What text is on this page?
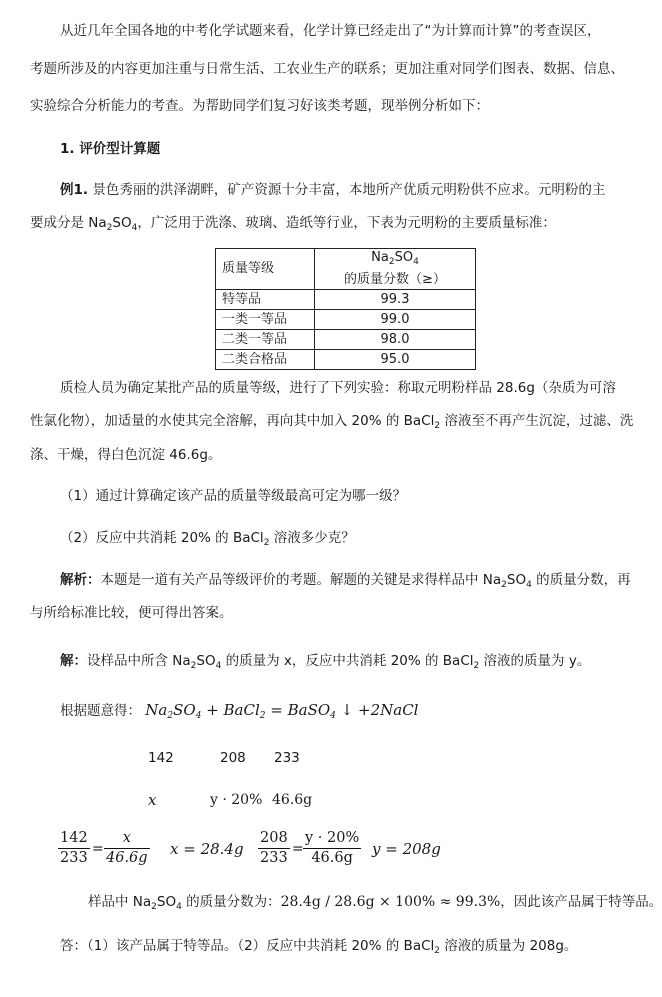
从近几年全国各地的中考化学试题来看，化学计算已经走出了“为计算而计算”的考查误区，
考题所涉及的内容更加注重与日常生活、工农业生产的联系；更加注重对同学们图表、数据、信息、
实验综合分析能力的考查。为帮助同学们复习好该类考题，现举例分析如下：
1. 评价型计算题
例1. 景色秀丽的洪泽湖畔，矿产资源十分丰富，本地所产优质元明粉供不应求。元明粉的主
要成分是 $Na_2SO_4$，广泛用于洗涤、玻璃、造纸等行业，下表为元明粉的主要质量标准：
质量等级	$Na_2SO_4$ 的质量分数（≥）
特等品	99.3
一类一等品	99.0
二类一等品	98.0
二类合格品	95.0
质检人员为确定某批产品的质量等级，进行了下列实验：称取元明粉样品 28.6g（杂质为可溶
性氯化物），加适量的水使其完全溶解，再向其中加入 20% 的 BaCl$_2$ 溶液至不再产生沉淀，过滤、洗
涤、干燥，得白色沉淀 46.6g。
（1）通过计算确定该产品的质量等级最高可定为哪一级？
（2）反应中共消耗 20% 的 BaCl$_2$ 溶液多少克？
解析：本题是一道有关产品等级评价的考题。解题的关键是求得样品中 $Na_2SO_4$ 的质量分数，再
与所给标准比较，便可得出答案。
解：设样品中所含 $Na_2SO_4$ 的质量为 x，反应中共消耗 20% 的 BaCl$_2$ 溶液的质量为 y。
根据题意得： $Na_2SO_4$ + BaCl$_2$ = BaSO$_4$ ↓ +2NaCl
142	208 233
x	y · 20% 46.6g
142
233
=
x
46.6g x = 28.4g
208
233
=
y · 20%
46.6g	y = 208g
样品中 $Na_2SO_4$ 的质量分数为：28.4g / 28.6g × 100% ≈ 99.3%，因此该产品属于特等品。
答：（1）该产品属于特等品。（2）反应中共消耗 20% 的 BaCl$_2$ 溶液的质量为 208g。
